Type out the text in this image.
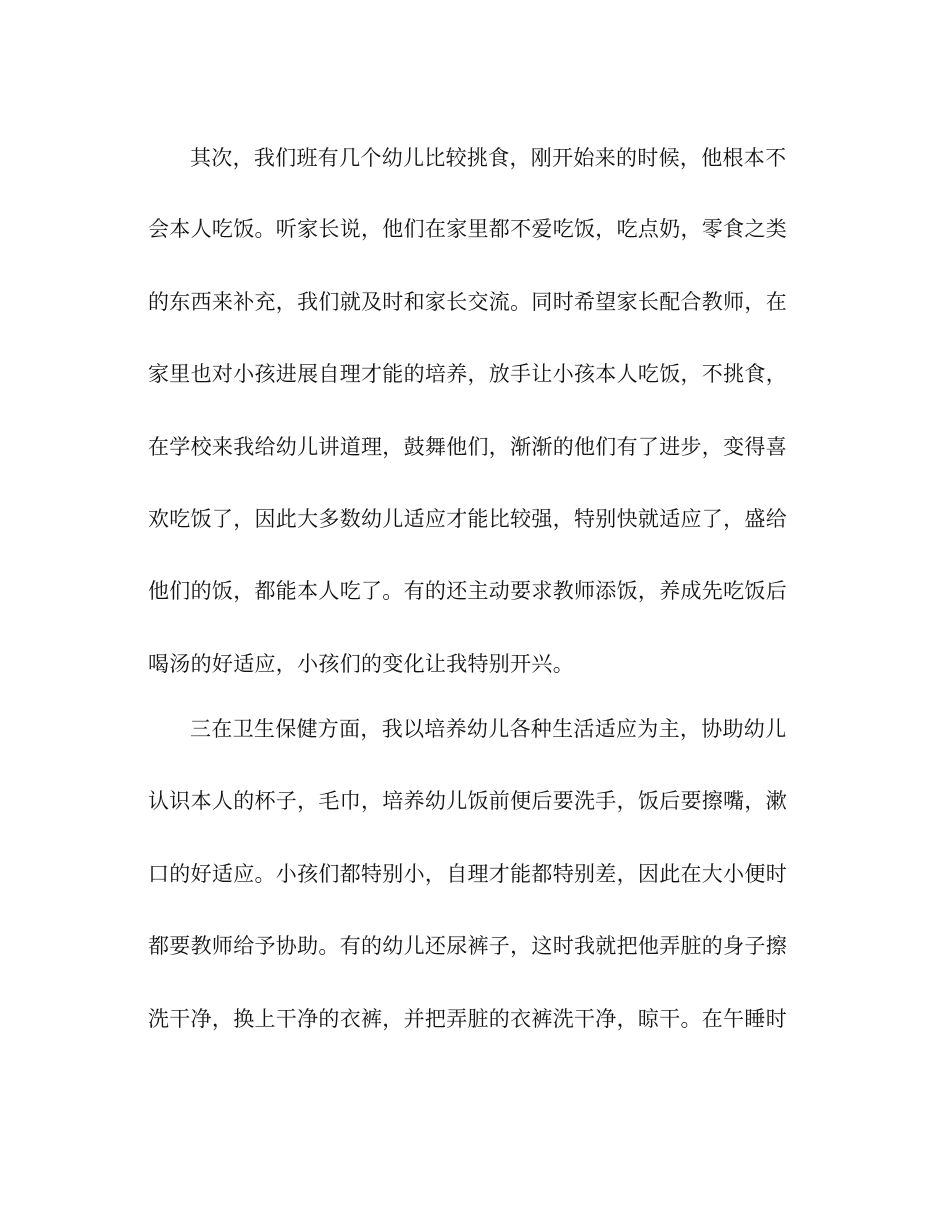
其次，我们班有几个幼儿比较挑食，刚开始来的时候，他根本不
会本人吃饭。听家长说，他们在家里都不爱吃饭，吃点奶，零食之类
的东西来补充，我们就及时和家长交流。同时希望家长配合教师，在
家里也对小孩进展自理才能的培养，放手让小孩本人吃饭，不挑食，
在学校来我给幼儿讲道理，鼓舞他们，渐渐的他们有了进步，变得喜
欢吃饭了，因此大多数幼儿适应才能比较强，特别快就适应了，盛给
他们的饭，都能本人吃了。有的还主动要求教师添饭，养成先吃饭后
喝汤的好适应，小孩们的变化让我特别开兴。
三在卫生保健方面，我以培养幼儿各种生活适应为主，协助幼儿
认识本人的杯子，毛巾，培养幼儿饭前便后要洗手，饭后要擦嘴，漱
口的好适应。小孩们都特别小，自理才能都特别差，因此在大小便时
都要教师给予协助。有的幼儿还尿裤子，这时我就把他弄脏的身子擦
洗干净，换上干净的衣裤，并把弄脏的衣裤洗干净，晾干。在午睡时
